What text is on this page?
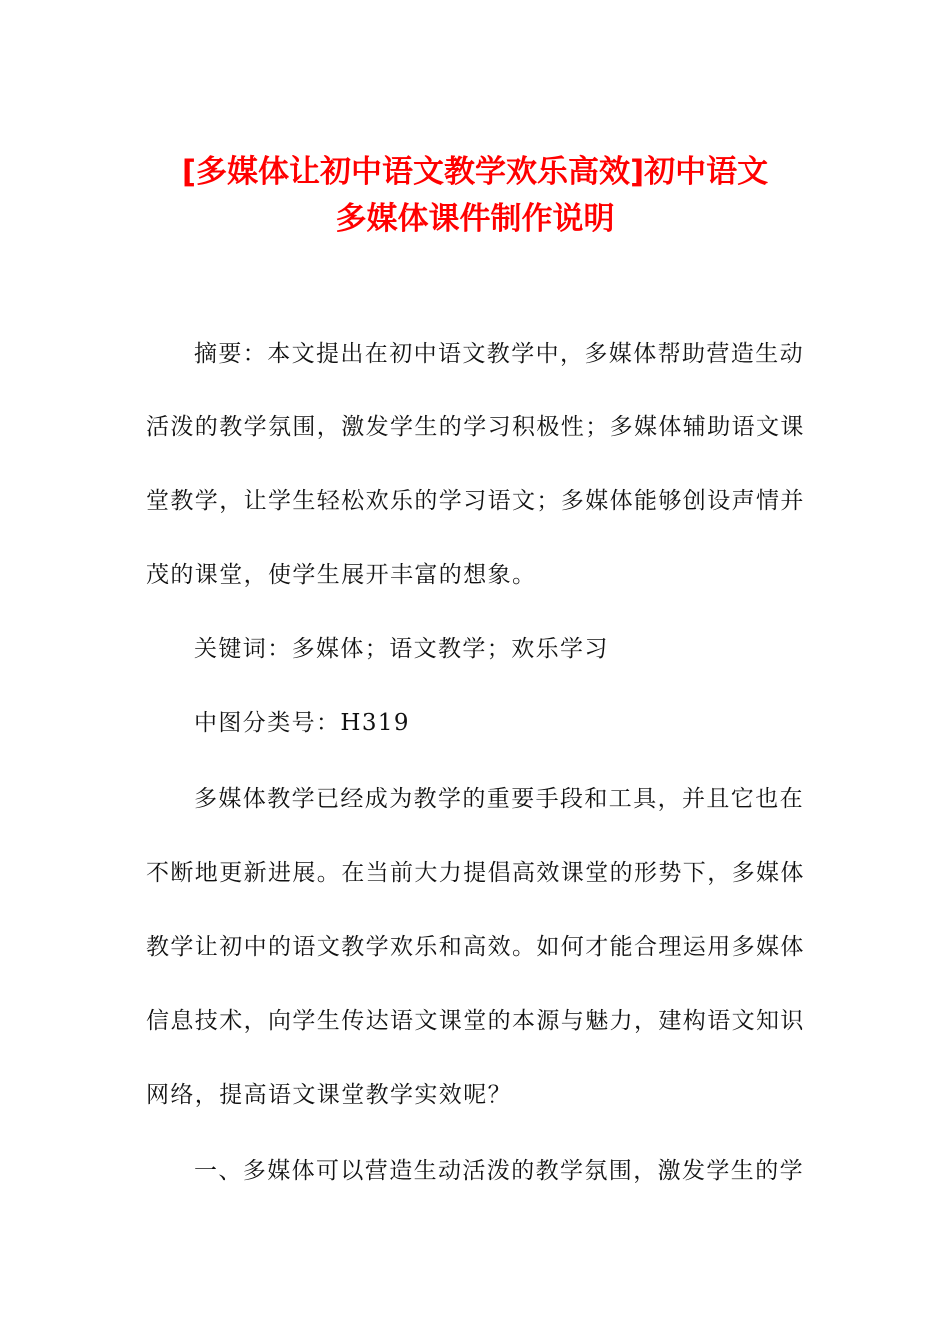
[多媒体让初中语文教学欢乐高效]初中语文
多媒体课件制作说明
摘要：本文提出在初中语文教学中，多媒体帮助营造生动
活泼的教学氛围，激发学生的学习积极性；多媒体辅助语文课
堂教学，让学生轻松欢乐的学习语文；多媒体能够创设声情并
茂的课堂，使学生展开丰富的想象。
关键词：多媒体；语文教学；欢乐学习
中图分类号：H319
多媒体教学已经成为教学的重要手段和工具，并且它也在
不断地更新进展。在当前大力提倡高效课堂的形势下，多媒体
教学让初中的语文教学欢乐和高效。如何才能合理运用多媒体
信息技术，向学生传达语文课堂的本源与魅力，建构语文知识
网络，提高语文课堂教学实效呢？
一、多媒体可以营造生动活泼的教学氛围，激发学生的学
